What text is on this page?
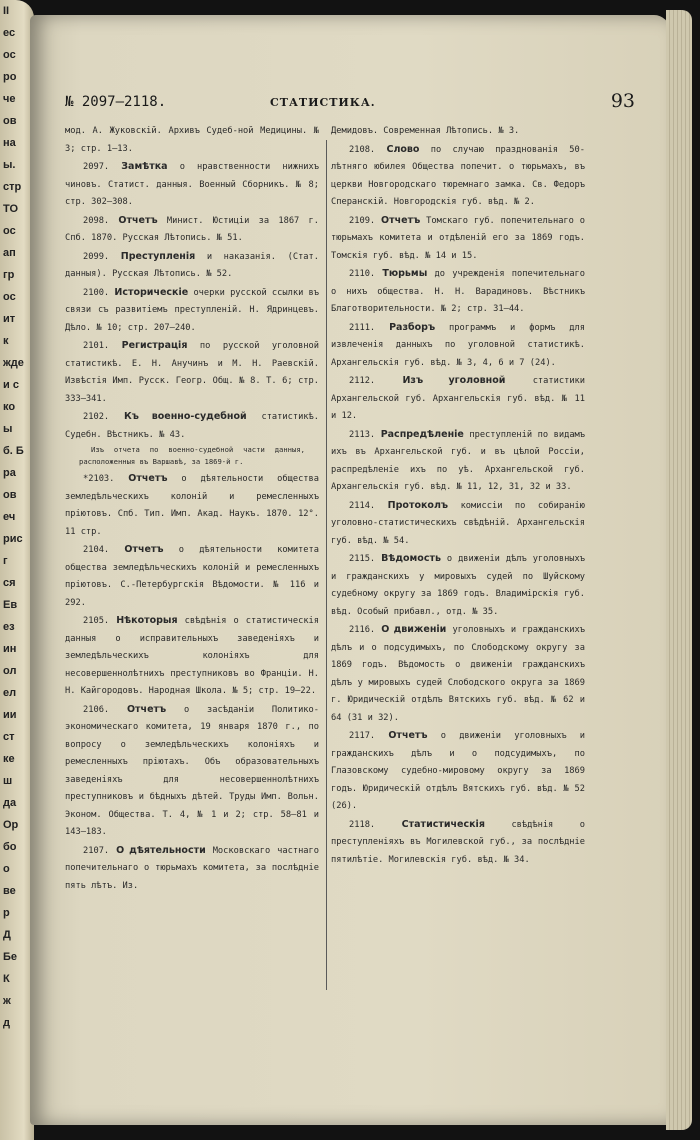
ІІ
ес
ос
ро
че
ов
на
ы.
стр
ТО
ос
ап
гр
ос
ит
к
жде
и с
ко
ы
б. Б
ра
ов
еч
рис
г
ся
Ев
ез
ин
ол
ел
ии
ст
ке
ш
да
Ор
бо
о
ве
р
Д
Бе
К
ж
д
№ 2097—2118.	СТАТИСТИКА.	93

мод. А. Жуковскій. Архивъ Судеб-ной Медицины. № 3; стр. 1—13.

2097. Замѣтка о нравственности нижнихъ чиновъ. Статист. данныя. Военный Сборникъ. № 8; стр. 302—308.

2098. Отчетъ Минист. Юстиціи за 1867 г. Спб. 1870. Русская Лѣтопись. № 51.

2099. Преступленія и наказанія. (Стат. данныя). Русская Лѣтопись. № 52.

2100. Историческіе очерки русской ссылки въ связи съ развитіемъ преступленій. Н. Ядринцевъ. Дѣло. № 10; стр. 207—240.

2101. Регистрація по русской уголовной статистикѣ. Е. Н. Анучинъ и М. Н. Раевскій. Извѣстія Имп. Русск. Геогр. Общ. № 8. Т. 6; стр. 333—341.

2102. Къ военно-судебной статистикѣ. Судебн. Вѣстникъ. № 43.

Изъ отчета по военно-судебной части данныя, расположенныя въ Варшавѣ, за 1869-й г.

*2103. Отчетъ о дѣятельности общества земледѣльческихъ колоній и ремесленныхъ пріютовъ. Спб. Тип. Имп. Акад. Наукъ. 1870. 12°. 11 стр.

2104. Отчетъ о дѣятельности комитета общества земледѣльческихъ колоній и ремесленныхъ пріютовъ. С.-Петербургскія Вѣдомости. № 116 и 292.

2105. Нѣкоторыя свѣдѣнія о статистическія данныя о исправительныхъ заведеніяхъ и земледѣльческихъ колоніяхъ для несовершеннолѣтнихъ преступниковъ во Франціи. Н. Н. Кайгородовъ. Народная Школа. № 5; стр. 19—22.

2106. Отчетъ о засѣданіи Политико-экономическаго комитета, 19 января 1870 г., по вопросу о земледѣльческихъ колоніяхъ и ремесленныхъ пріютахъ. Объ образовательныхъ заведеніяхъ для несовершеннолѣтнихъ преступниковъ и бѣдныхъ дѣтей. Труды Имп. Вольн. Эконом. Общества. Т. 4, № 1 и 2; стр. 58—81 и 143—183.

2107. О дѣятельности Московскаго частнаго попечительнаго о тюрьмахъ комитета, за послѣдніе пять лѣтъ. Из.

Демидовъ. Современная Лѣтопись. № 3.

2108. Слово по случаю празднованія 50-лѣтняго юбилея Общества попечит. о тюрьмахъ, въ церкви Новгородскаго тюремнаго замка. Св. Федоръ Сперанскій. Новгородскія губ. вѣд. № 2.

2109. Отчетъ Томскаго губ. попечительнаго о тюрьмахъ комитета и отдѣленій его за 1869 годъ. Томскія губ. вѣд. № 14 и 15.

2110. Тюрьмы до учрежденія попечительнаго о нихъ общества. Н. Н. Варадиновъ. Вѣстникъ Благотворительности. № 2; стр. 31—44.

2111. Разборъ программъ и формъ для извлеченія данныхъ по уголовной статистикѣ. Архангельскія губ. вѣд. № 3, 4, 6 и 7 (24).

2112.	Изъ уголовной	статистики Архангельской губ. Архангельскія губ. вѣд. № 11 и 12.

2113. Распредѣленіе преступленій по видамъ ихъ въ Архангельской губ. и въ цѣлой Россіи, распредѣленіе ихъ по уѣ. Архангельской губ. Архангельскія губ. вѣд. № 11, 12, 31, 32 и 33.

2114. Протоколъ комиссіи по собиранію уголовно-статистическихъ свѣдѣній. Архангельскія губ. вѣд. № 54.

2115. Вѣдомость о движеніи дѣлъ уголовныхъ и гражданскихъ у мировыхъ судей по Шуйскому судебному округу за 1869 годъ. Владимірскія губ. вѣд. Особый прибавл., отд. № 35.

2116. О движеніи уголовныхъ и гражданскихъ дѣлъ и о подсудимыхъ, по Слободскому округу за 1869 годъ. Вѣдомость о движеніи гражданскихъ дѣлъ у мировыхъ судей Слободского округа за 1869 г. Юридическій отдѣлъ Вятскихъ губ. вѣд. № 62 и 64 (31 и 32).

2117. Отчетъ о движеніи уголовныхъ и гражданскихъ дѣлъ и о подсудимыхъ, по Глазовскому судебно-мировому округу за 1869 годъ. Юридическій отдѣлъ Вятскихъ губ. вѣд. № 52 (26).

2118.	Статистическія	свѣдѣнія о преступленіяхъ въ Могилевской губ., за послѣдніе пятилѣтіе. Могилевскія губ. вѣд. № 34.
